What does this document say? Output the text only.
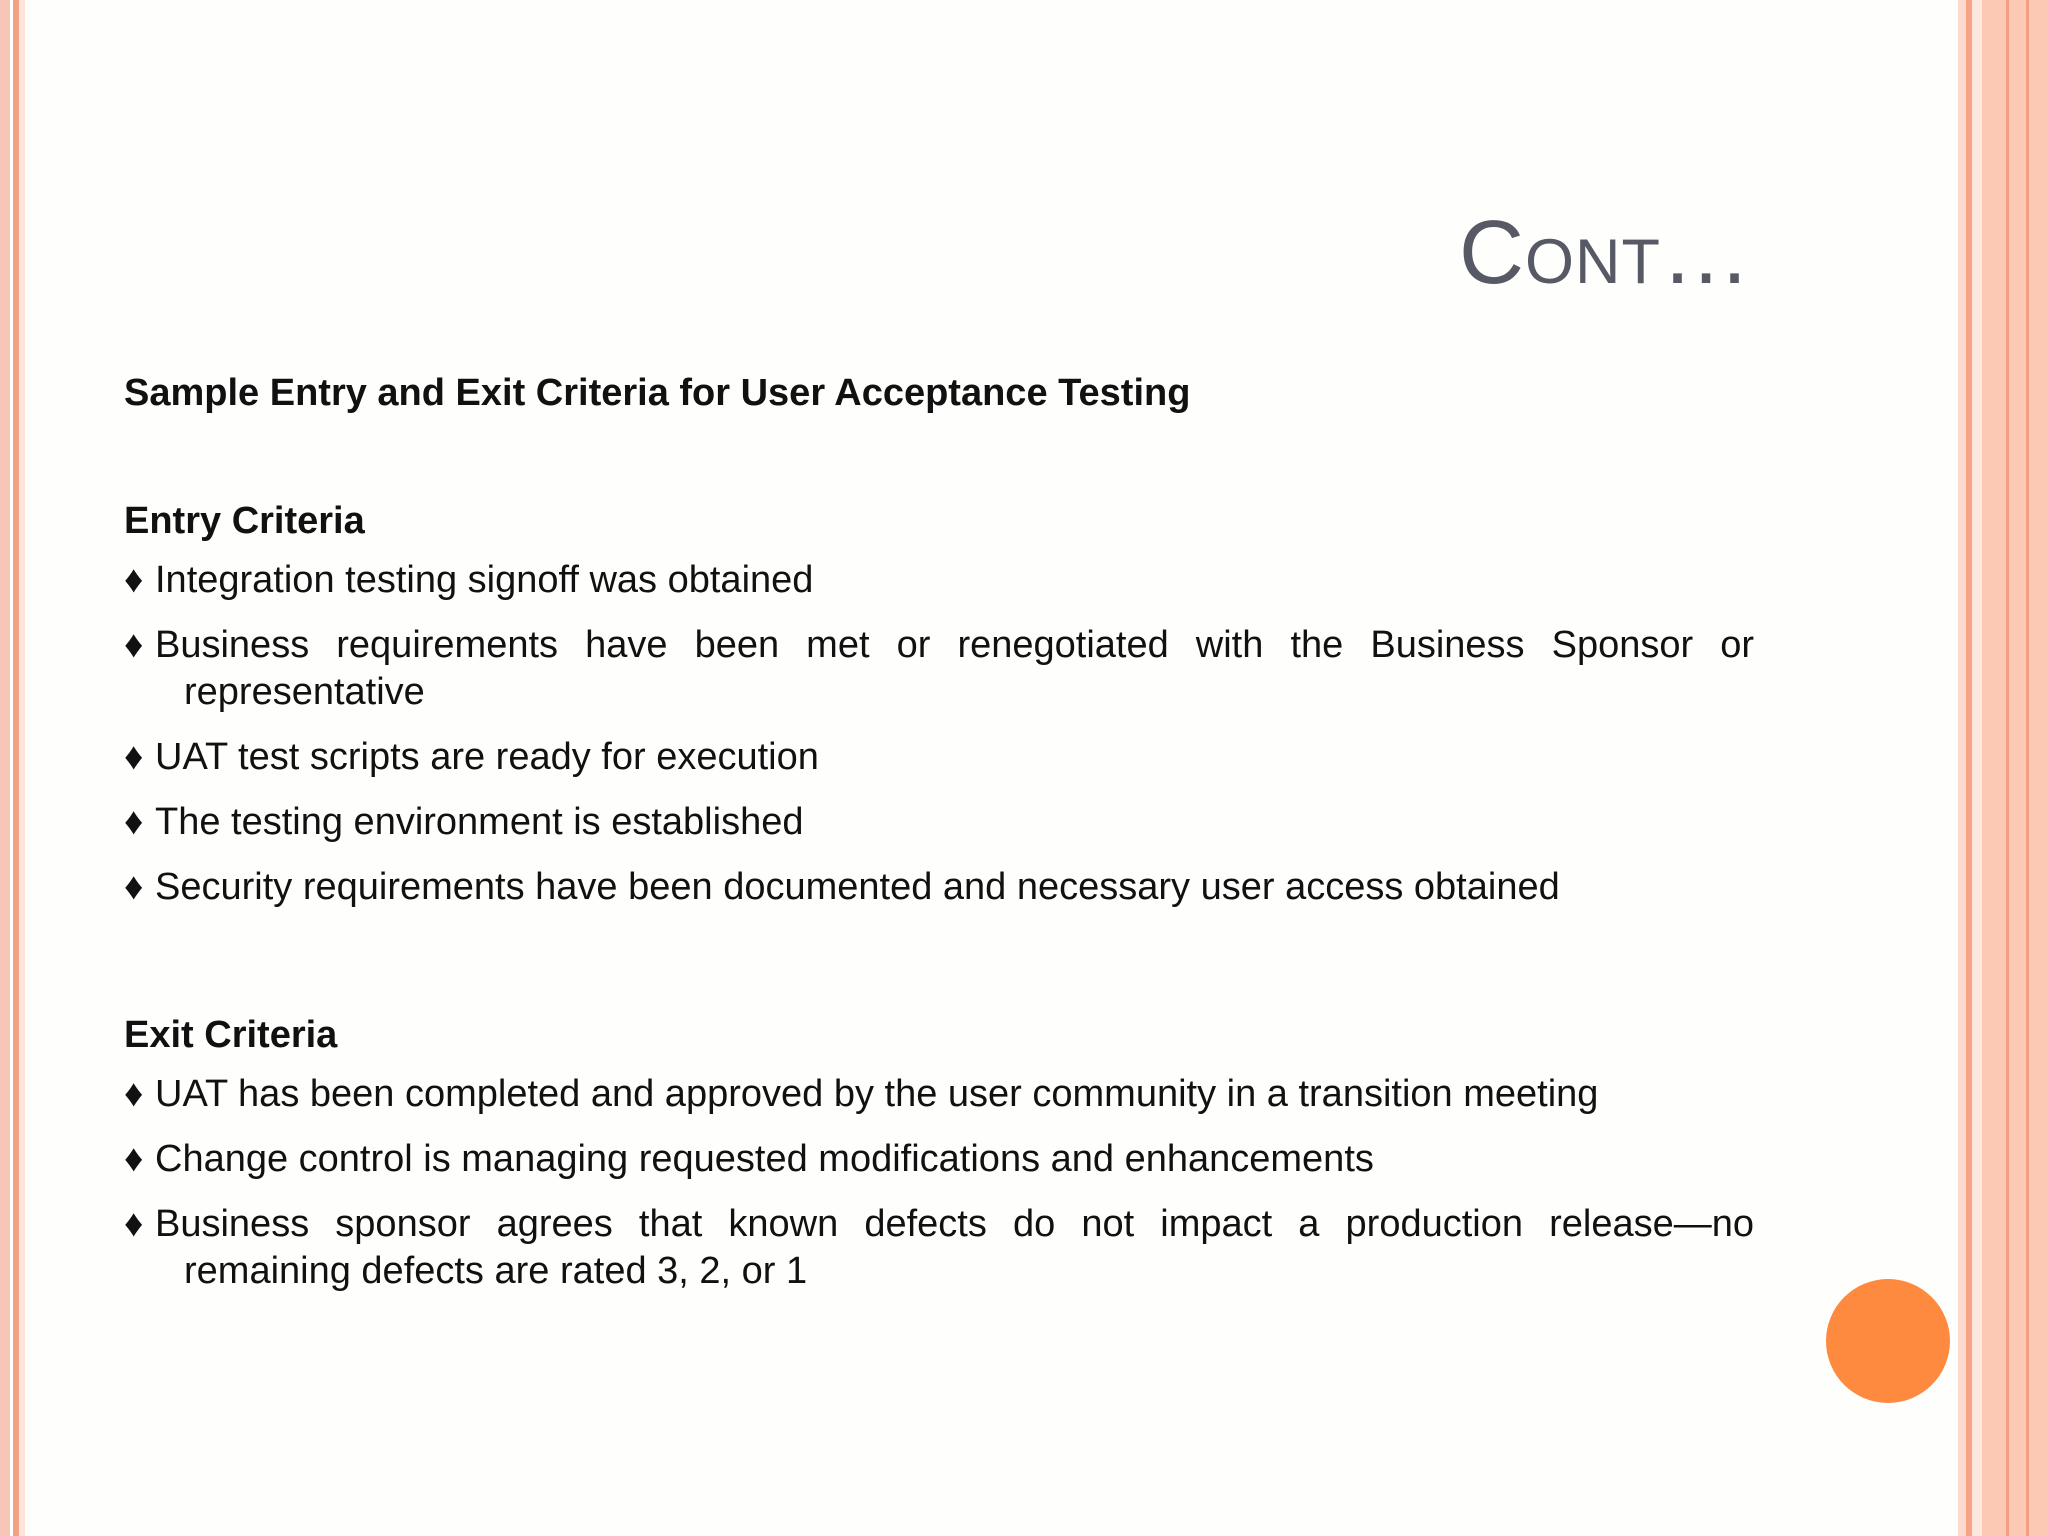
Cont…

Sample Entry and Exit Criteria for User Acceptance Testing

Entry Criteria

♦ Integration testing signoff was obtained

♦ Business requirements have been met or renegotiated with the Business Sponsor or representative

♦ UAT test scripts are ready for execution

♦ The testing environment is established

♦ Security requirements have been documented and necessary user access obtained

Exit Criteria

♦ UAT has been completed and approved by the user community in a transition meeting

♦ Change control is managing requested modifications and enhancements

♦ Business sponsor agrees that known defects do not impact a production release—no remaining defects are rated 3, 2, or 1
